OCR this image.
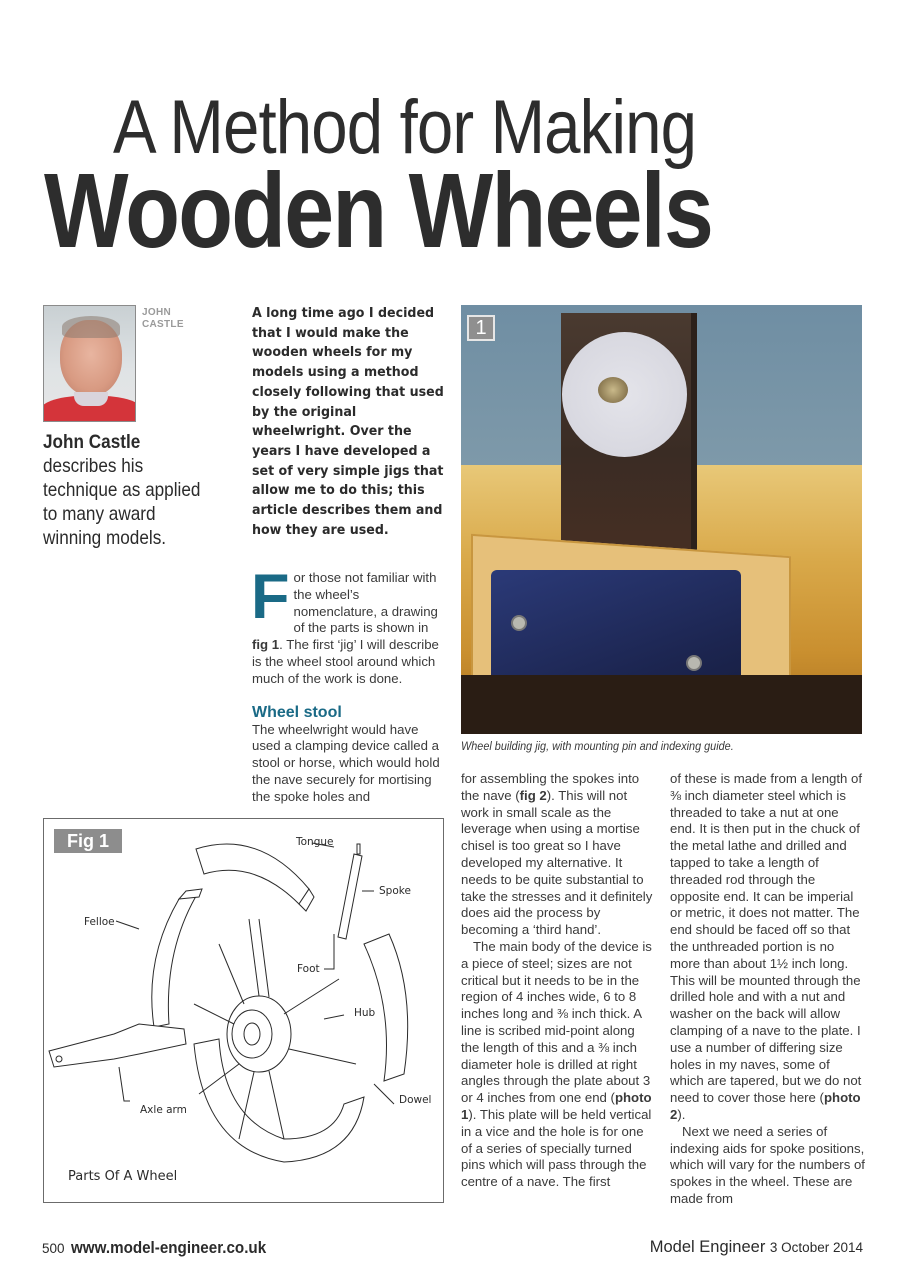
A Method for Making
Wooden Wheels
JOHN
CASTLE
John Castle describes his technique as applied to many award winning models.
A long time ago I decided that I would make the wooden wheels for my models using a method closely following that used by the original wheelwright. Over the years I have developed a set of very simple jigs that allow me to do this; this article describes them and how they are used.

For those not familiar with the wheel’s nomenclature, a drawing of the parts is shown in fig 1. The first ‘jig’ I will describe is the wheel stool around which much of the work is done.

Wheel stool

The wheelwright would have used a clamping device called a stool or horse, which would hold the nave securely for mortising the spoke holes and

1
Wheel building jig, with mounting pin and indexing guide.

for assembling the spokes into the nave (fig 2). This will not work in small scale as the leverage when using a mortise chisel is too great so I have developed my alternative. It needs to be quite substantial to take the stresses and it definitely does aid the process by becoming a ‘third hand’.

The main body of the device is a piece of steel; sizes are not critical but it needs to be in the region of 4 inches wide, 6 to 8 inches long and ⅜ inch thick. A line is scribed mid-point along the length of this and a ⅜ inch diameter hole is drilled at right angles through the plate about 3 or 4 inches from one end (photo 1). This plate will be held vertical in a vice and the hole is for one of a series of specially turned pins which will pass through the centre of a nave. The first

of these is made from a length of ⅜ inch diameter steel which is threaded to take a nut at one end. It is then put in the chuck of the metal lathe and drilled and tapped to take a length of threaded rod through the opposite end. It can be imperial or metric, it does not matter. The end should be faced off so that the unthreaded portion is no more than about 1½ inch long. This will be mounted through the drilled hole and with a nut and washer on the back will allow clamping of a nave to the plate. I use a number of differing size holes in my naves, some of which are tapered, but we do not need to cover those here (photo 2).

Next we need a series of indexing aids for spoke positions, which will vary for the numbers of spokes in the wheel. These are made from

Fig 1	Tongue
Spoke
Felloe
Foot
Hub
Dowel
Axle arm
Parts Of A Wheel
500 www.model-engineer.co.uk	Model Engineer 3 October 2014
